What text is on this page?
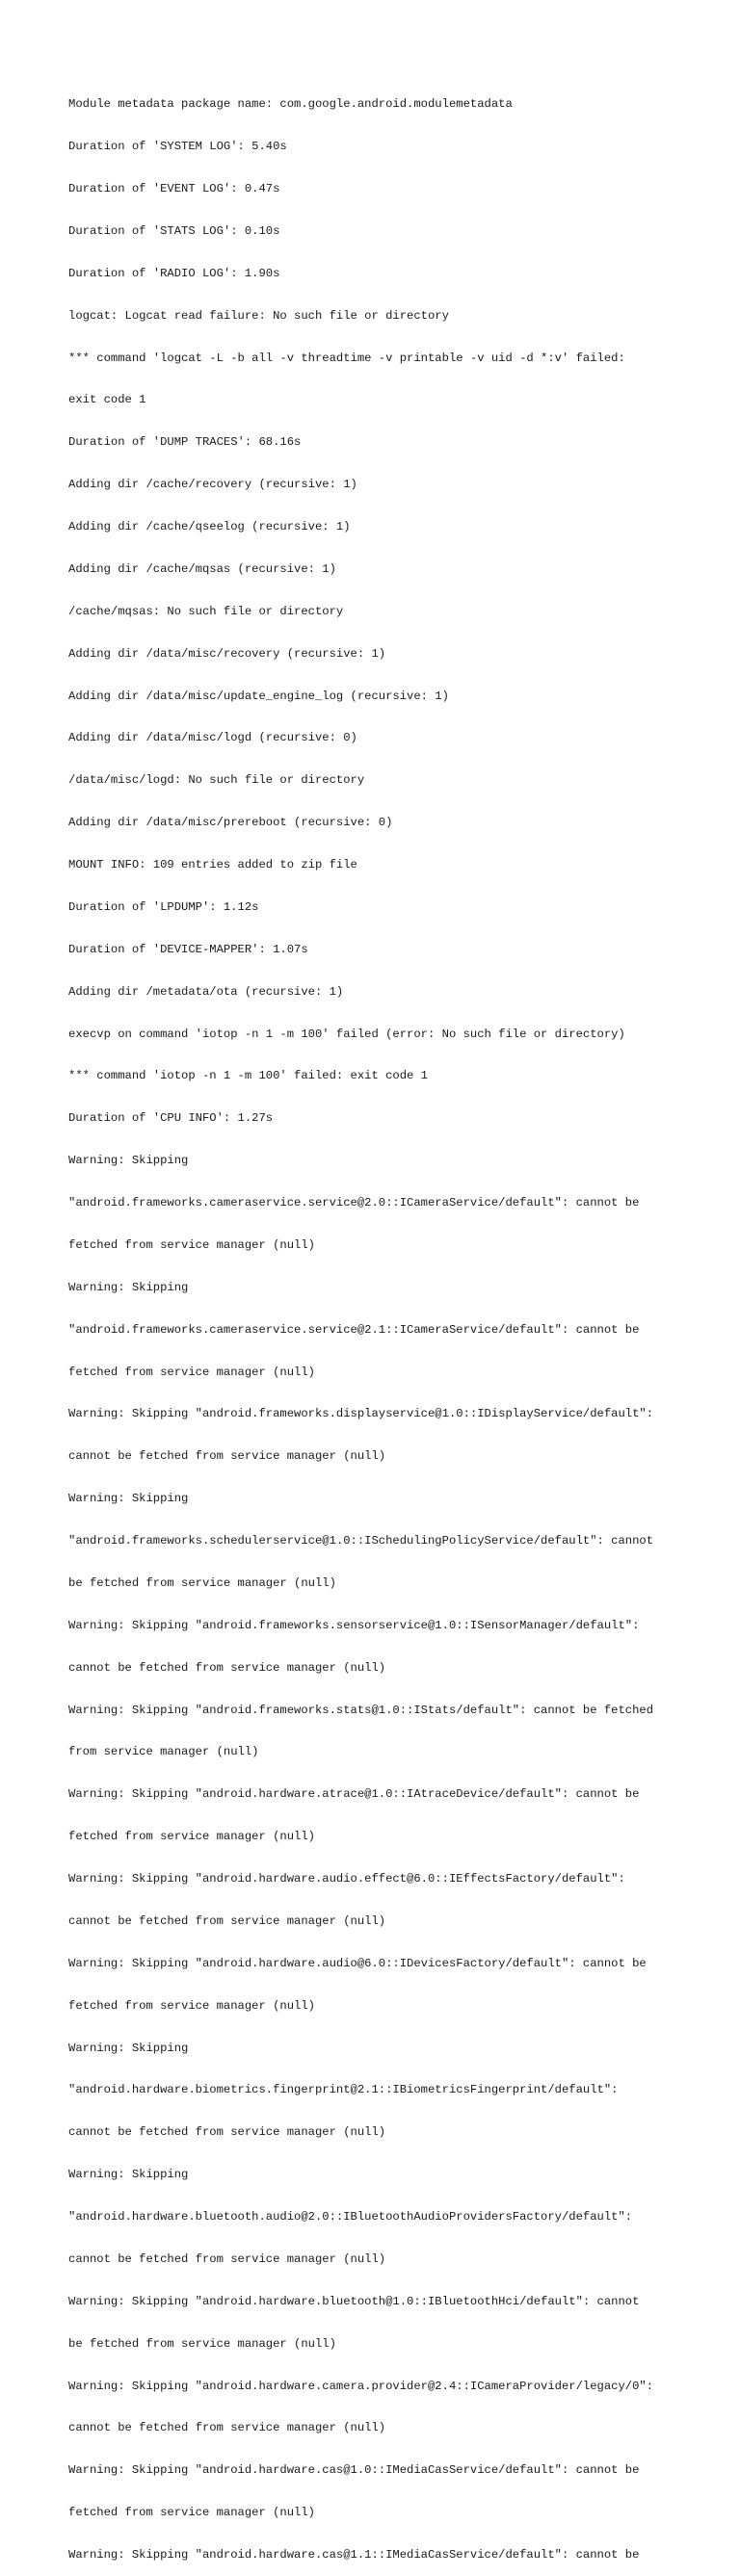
Module metadata package name: com.google.android.modulemetadata

Duration of 'SYSTEM LOG': 5.40s

Duration of 'EVENT LOG': 0.47s

Duration of 'STATS LOG': 0.10s

Duration of 'RADIO LOG': 1.90s

logcat: Logcat read failure: No such file or directory

*** command 'logcat -L -b all -v threadtime -v printable -v uid -d *:v' failed:

exit code 1

Duration of 'DUMP TRACES': 68.16s

Adding dir /cache/recovery (recursive: 1)

Adding dir /cache/qseelog (recursive: 1)

Adding dir /cache/mqsas (recursive: 1)

/cache/mqsas: No such file or directory

Adding dir /data/misc/recovery (recursive: 1)

Adding dir /data/misc/update_engine_log (recursive: 1)

Adding dir /data/misc/logd (recursive: 0)

/data/misc/logd: No such file or directory

Adding dir /data/misc/prereboot (recursive: 0)

MOUNT INFO: 109 entries added to zip file

Duration of 'LPDUMP': 1.12s

Duration of 'DEVICE-MAPPER': 1.07s

Adding dir /metadata/ota (recursive: 1)

execvp on command 'iotop -n 1 -m 100' failed (error: No such file or directory)

*** command 'iotop -n 1 -m 100' failed: exit code 1

Duration of 'CPU INFO': 1.27s

Warning: Skipping

"android.frameworks.cameraservice.service@2.0::ICameraService/default": cannot be

fetched from service manager (null)

Warning: Skipping

"android.frameworks.cameraservice.service@2.1::ICameraService/default": cannot be

fetched from service manager (null)

Warning: Skipping "android.frameworks.displayservice@1.0::IDisplayService/default":

cannot be fetched from service manager (null)

Warning: Skipping

"android.frameworks.schedulerservice@1.0::ISchedulingPolicyService/default": cannot

be fetched from service manager (null)

Warning: Skipping "android.frameworks.sensorservice@1.0::ISensorManager/default":

cannot be fetched from service manager (null)

Warning: Skipping "android.frameworks.stats@1.0::IStats/default": cannot be fetched

from service manager (null)

Warning: Skipping "android.hardware.atrace@1.0::IAtraceDevice/default": cannot be

fetched from service manager (null)

Warning: Skipping "android.hardware.audio.effect@6.0::IEffectsFactory/default":

cannot be fetched from service manager (null)

Warning: Skipping "android.hardware.audio@6.0::IDevicesFactory/default": cannot be

fetched from service manager (null)

Warning: Skipping

"android.hardware.biometrics.fingerprint@2.1::IBiometricsFingerprint/default":

cannot be fetched from service manager (null)

Warning: Skipping

"android.hardware.bluetooth.audio@2.0::IBluetoothAudioProvidersFactory/default":

cannot be fetched from service manager (null)

Warning: Skipping "android.hardware.bluetooth@1.0::IBluetoothHci/default": cannot

be fetched from service manager (null)

Warning: Skipping "android.hardware.camera.provider@2.4::ICameraProvider/legacy/0":

cannot be fetched from service manager (null)

Warning: Skipping "android.hardware.cas@1.0::IMediaCasService/default": cannot be

fetched from service manager (null)

Warning: Skipping "android.hardware.cas@1.1::IMediaCasService/default": cannot be
